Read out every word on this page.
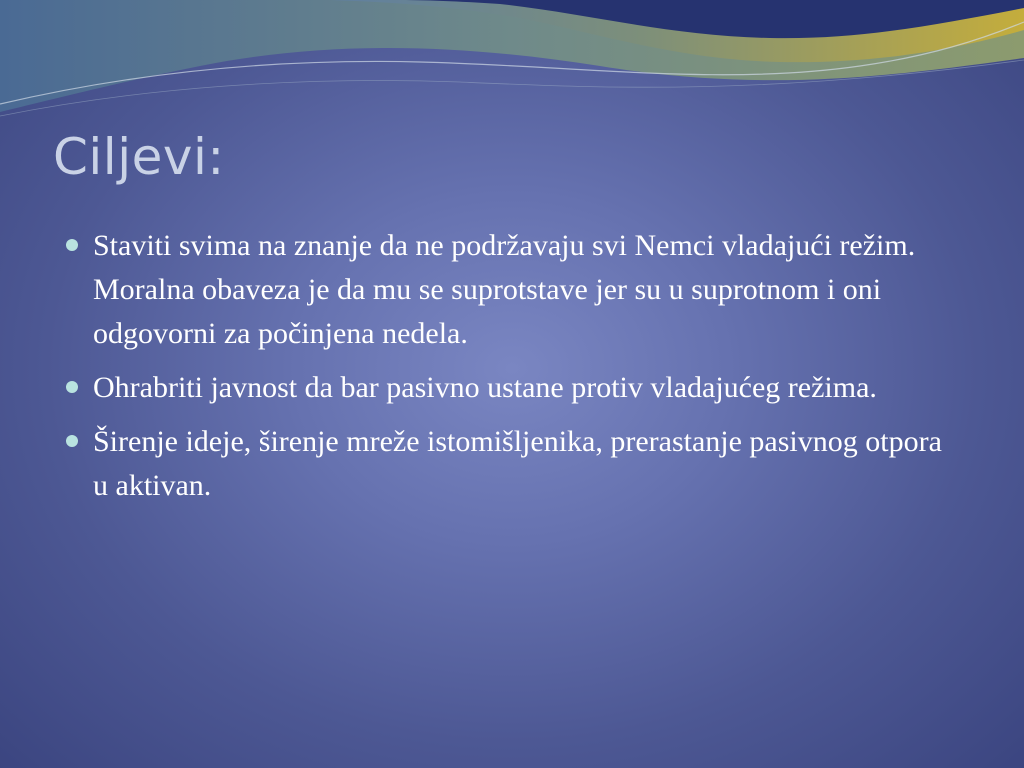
Ciljevi:
Staviti svima na znanje da ne podržavaju svi Nemci vladajući režim. Moralna obaveza je da mu se suprotstave jer su u suprotnom i oni odgovorni za počinjena nedela.
Ohrabriti javnost da bar pasivno ustane protiv vladajućeg režima.
Širenje ideje, širenje mreže istomišljenika, prerastanje pasivnog otpora u aktivan.
